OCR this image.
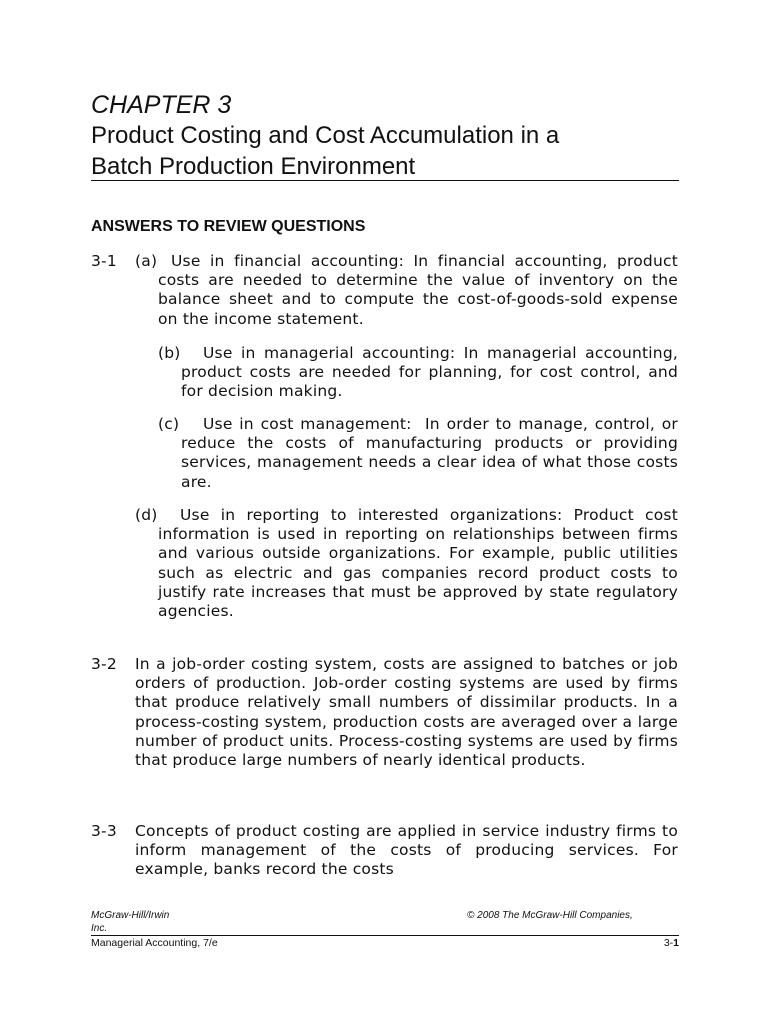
CHAPTER 3
Product Costing and Cost Accumulation in a
Batch Production Environment
ANSWERS TO REVIEW QUESTIONS
3-1 (a) Use in financial accounting: In financial accounting, product costs are needed to determine the value of inventory on the balance sheet and to compute the cost-of-goods-sold expense on the income statement.

(b)	Use in managerial accounting: In managerial accounting, product costs are needed for planning, for cost control, and for decision making.

(c)	Use in cost management:  In order to manage, control, or reduce the costs of manufacturing products or providing services, management needs a clear idea of what those costs are.

(d)	Use in reporting to interested organizations: Product cost information is used in reporting on relationships between firms and various outside organizations. For example, public utilities such as electric and gas companies record product costs to justify rate increases that must be approved by state regulatory agencies.

3-2 In a job-order costing system, costs are assigned to batches or job orders of production. Job-order costing systems are used by firms that produce relatively small numbers of dissimilar products. In a process-costing system, production costs are averaged over a large number of product units. Process-costing systems are used by firms that produce large numbers of nearly identical products.

3-3 Concepts of product costing are applied in service industry firms to inform management of the costs of producing services. For example, banks record the costs

McGraw-Hill/Irwin
Inc.
© 2008 The McGraw-Hill Companies,
Managerial Accounting, 7/e	3-1
